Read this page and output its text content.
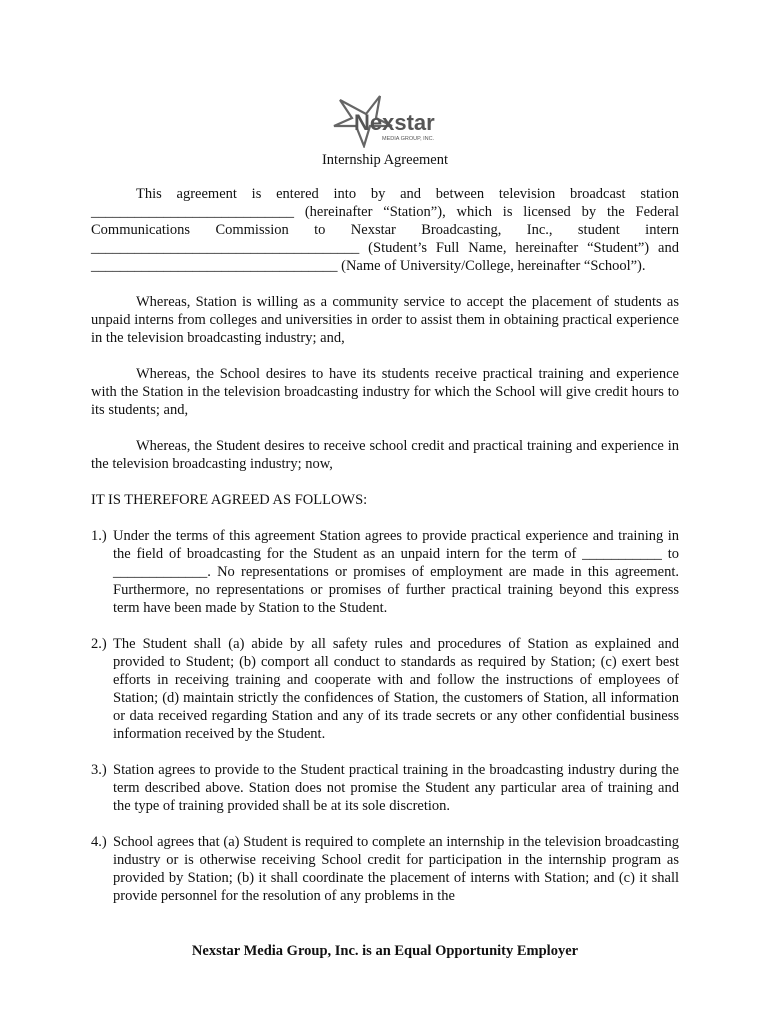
Nexstar
MEDIA GROUP, INC.
Internship Agreement

This agreement is entered into by and between television broadcast station ____________________________ (hereinafter “Station”), which is licensed by the Federal Communications Commission to Nexstar Broadcasting, Inc., student intern _____________________________________ (Student’s Full Name, hereinafter “Student”) and __________________________________ (Name of University/College, hereinafter “School”).

Whereas, Station is willing as a community service to accept the placement of students as unpaid interns from colleges and universities in order to assist them in obtaining practical experience in the television broadcasting industry; and,

Whereas, the School desires to have its students receive practical training and experience with the Station in the television broadcasting industry for which the School will give credit hours to its students; and,

Whereas, the Student desires to receive school credit and practical training and experience in the television broadcasting industry; now,

IT IS THEREFORE AGREED AS FOLLOWS:

1.) Under the terms of this agreement Station agrees to provide practical experience and training in the field of broadcasting for the Student as an unpaid intern for the term of ___________ to _____________. No representations or promises of employment are made in this agreement. Furthermore, no representations or promises of further practical training beyond this express term have been made by Station to the Student.
2.) The Student shall (a) abide by all safety rules and procedures of Station as explained and provided to Student; (b) comport all conduct to standards as required by Station; (c) exert best efforts in receiving training and cooperate with and follow the instructions of employees of Station; (d) maintain strictly the confidences of Station, the customers of Station, all information or data received regarding Station and any of its trade secrets or any other confidential business information received by the Student.
3.) Station agrees to provide to the Student practical training in the broadcasting industry during the term described above. Station does not promise the Student any particular area of training and the type of training provided shall be at its sole discretion.
4.) School agrees that (a) Student is required to complete an internship in the television broadcasting industry or is otherwise receiving School credit for participation in the internship program as provided by Station; (b) it shall coordinate the placement of interns with Station; and (c) it shall provide personnel for the resolution of any problems in the
Nexstar Media Group, Inc. is an Equal Opportunity Employer
